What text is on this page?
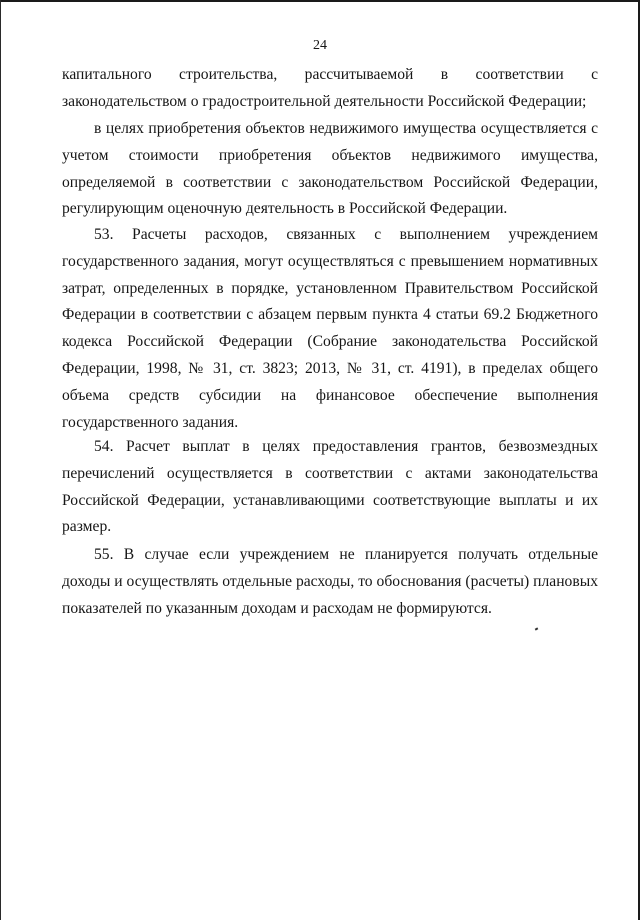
24

капитального строительства, рассчитываемой в соответствии с законодательством о градостроительной деятельности Российской Федерации;

в целях приобретения объектов недвижимого имущества осуществляется с учетом стоимости приобретения объектов недвижимого имущества, определяемой в соответствии с законодательством Российской Федерации, регулирующим оценочную деятельность в Российской Федерации.

53. Расчеты расходов, связанных с выполнением учреждением государственного задания, могут осуществляться с превышением нормативных затрат, определенных в порядке, установленном Правительством Российской Федерации в соответствии с абзацем первым пункта 4 статьи 69.2 Бюджетного кодекса Российской Федерации (Собрание законодательства Российской Федерации, 1998, № 31, ст. 3823; 2013, № 31, ст. 4191), в пределах общего объема средств субсидии на финансовое обеспечение выполнения государственного задания.

54. Расчет выплат в целях предоставления грантов, безвозмездных перечислений осуществляется в соответствии с актами законодательства Российской Федерации, устанавливающими соответствующие выплаты и их размер.

55. В случае если учреждением не планируется получать отдельные доходы и осуществлять отдельные расходы, то обоснования (расчеты) плановых показателей по указанным доходам и расходам не формируются.
